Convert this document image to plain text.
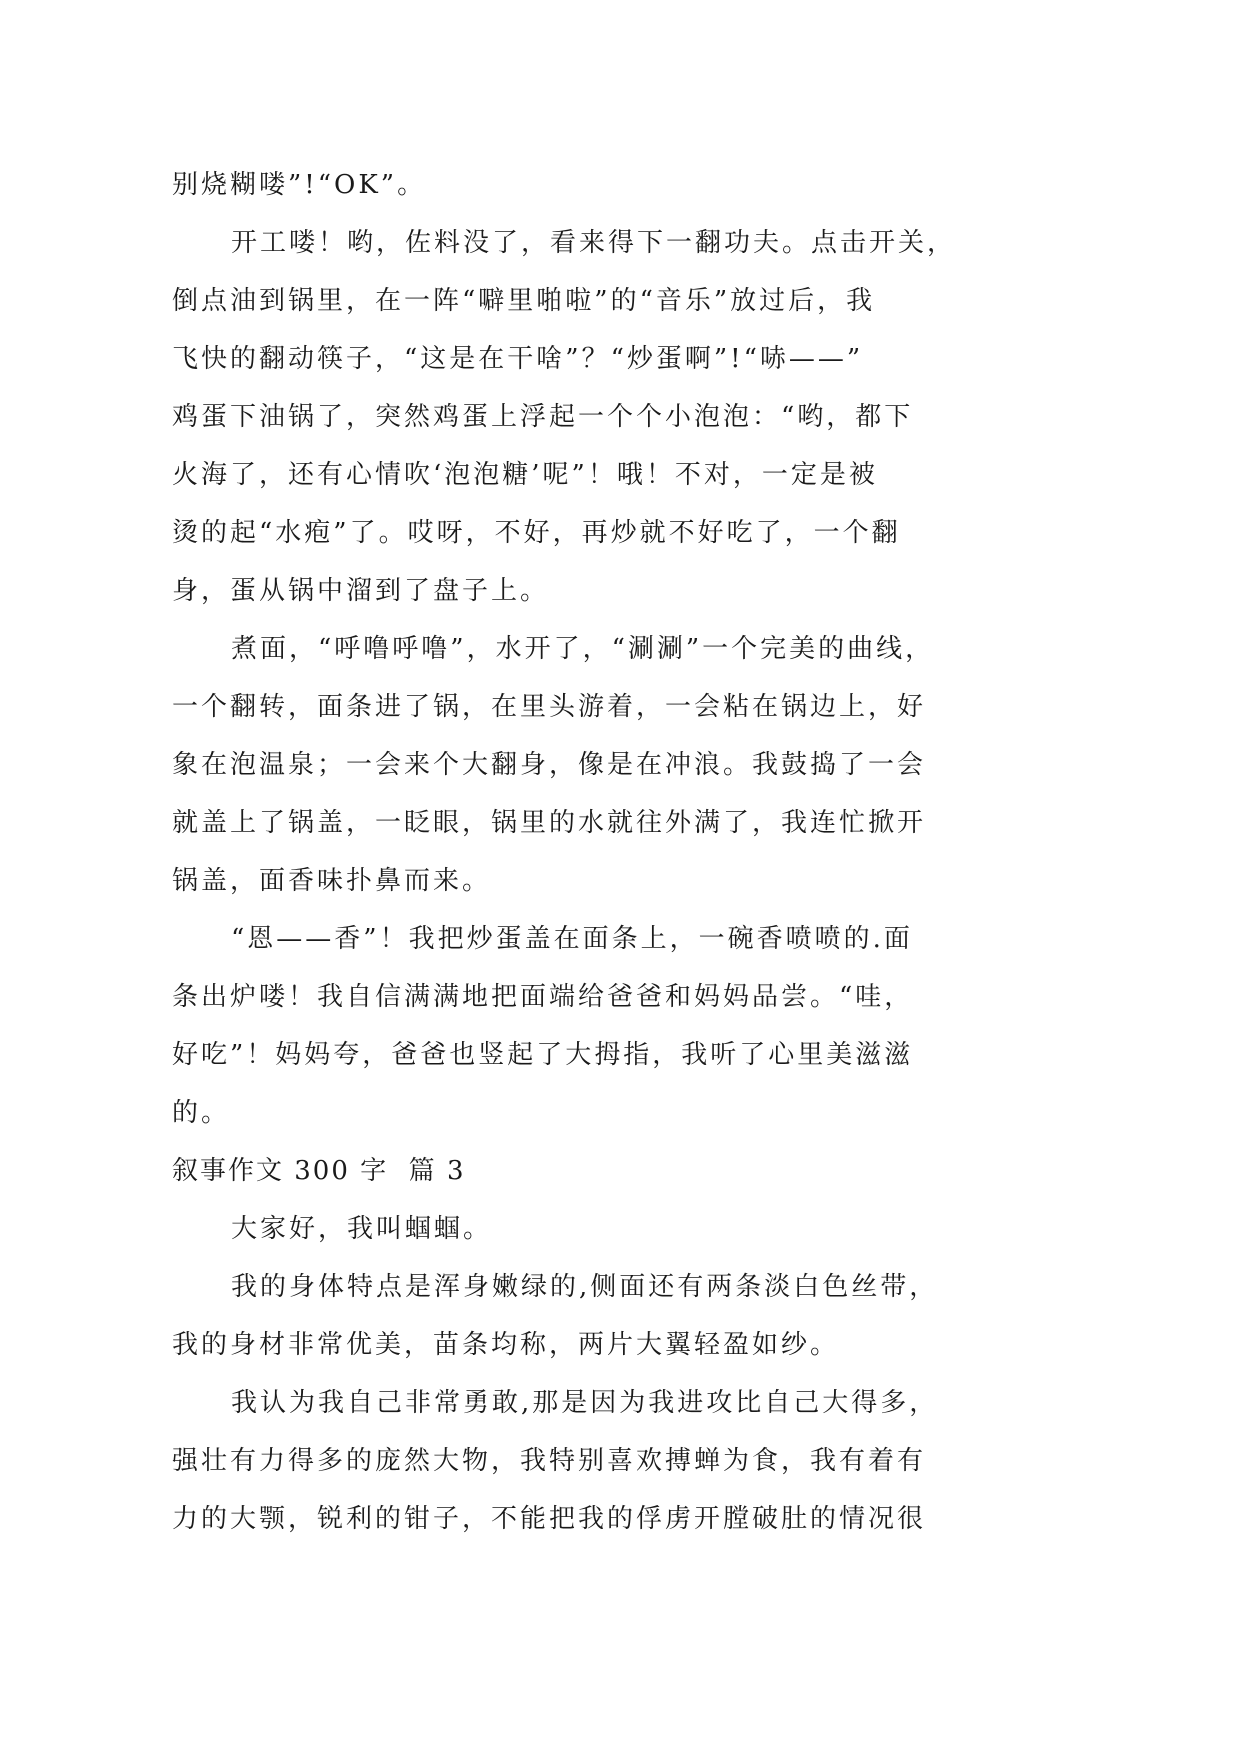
别烧糊喽”!“OK”。
开工喽！哟，佐料没了，看来得下一翻功夫。点击开关，
倒点油到锅里，在一阵“噼里啪啦”的“音乐”放过后，我
飞快的翻动筷子，“这是在干啥”？“炒蛋啊”!“哧——”
鸡蛋下油锅了，突然鸡蛋上浮起一个个小泡泡：“哟，都下
火海了，还有心情吹‘泡泡糖’呢”！哦！不对，一定是被
烫的起“水疱”了。哎呀，不好，再炒就不好吃了，一个翻
身，蛋从锅中溜到了盘子上。
煮面，“呼噜呼噜”，水开了，“涮涮”一个完美的曲线，
一个翻转，面条进了锅，在里头游着，一会粘在锅边上，好
象在泡温泉；一会来个大翻身，像是在冲浪。我鼓捣了一会
就盖上了锅盖，一眨眼，锅里的水就往外满了，我连忙掀开
锅盖，面香味扑鼻而来。
“恩——香”！我把炒蛋盖在面条上，一碗香喷喷的.面
条出炉喽！我自信满满地把面端给爸爸和妈妈品尝。“哇，
好吃”！妈妈夸，爸爸也竖起了大拇指，我听了心里美滋滋
的。
叙事作文 300 字  篇 3
大家好，我叫蝈蝈。
我的身体特点是浑身嫩绿的,侧面还有两条淡白色丝带，
我的身材非常优美，苗条均称，两片大翼轻盈如纱。
我认为我自己非常勇敢,那是因为我进攻比自己大得多，
强壮有力得多的庞然大物，我特别喜欢搏蝉为食，我有着有
力的大颚，锐利的钳子，不能把我的俘虏开膛破肚的情况很
